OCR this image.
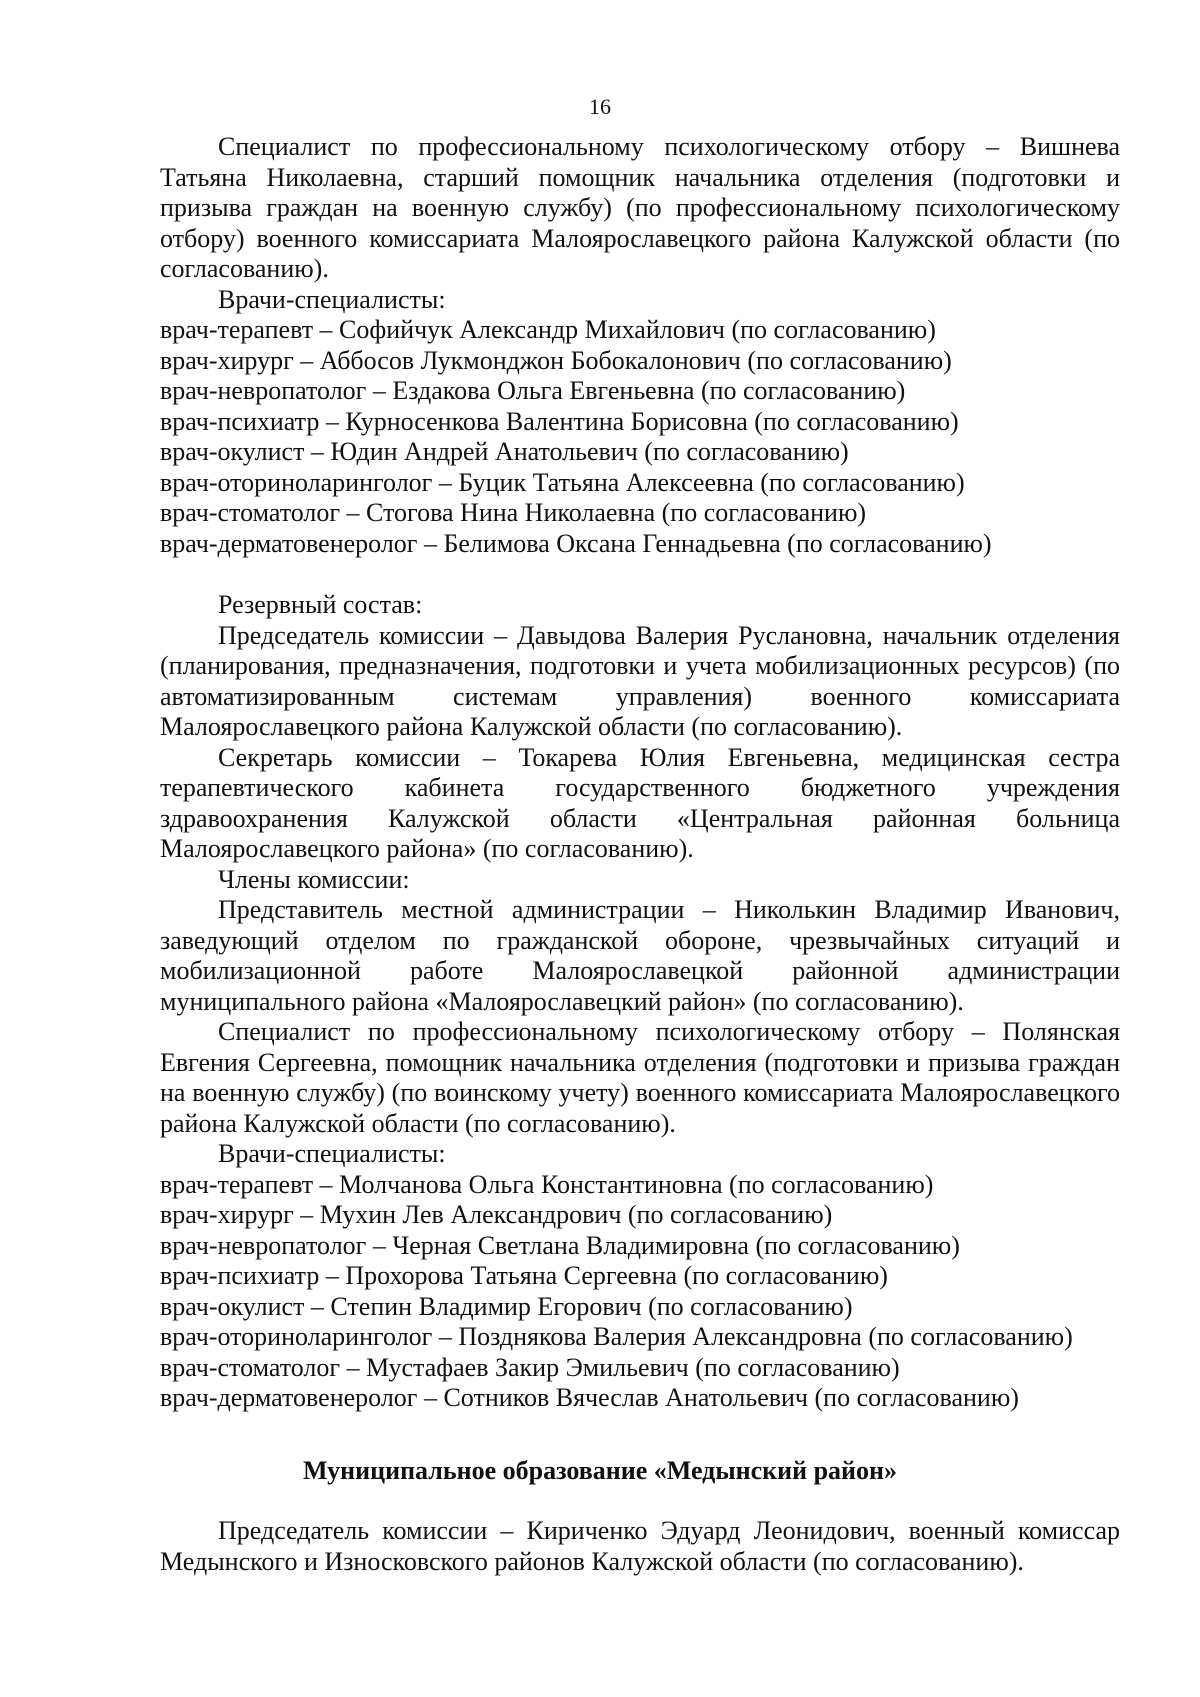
16

Специалист по профессиональному психологическому отбору – Вишнева Татьяна Николаевна, старший помощник начальника отделения (подготовки и призыва граждан на военную службу) (по профессиональному психологическому отбору) военного комиссариата Малоярославецкого района Калужской области (по согласованию).

Врачи-специалисты:

врач-терапевт – Софийчук Александр Михайлович (по согласованию)
врач-хирург – Аббосов Лукмонджон Бобокалонович (по согласованию)
врач-невропатолог – Ездакова Ольга Евгеньевна (по согласованию)
врач-психиатр – Курносенкова Валентина Борисовна (по согласованию)
врач-окулист – Юдин Андрей Анатольевич (по согласованию)
врач-оториноларинголог – Буцик Татьяна Алексеевна (по согласованию)
врач-стоматолог – Стогова Нина Николаевна (по согласованию)
врач-дерматовенеролог – Белимова Оксана Геннадьевна (по согласованию)

Резервный состав:

Председатель комиссии – Давыдова Валерия Руслановна, начальник отделения (планирования, предназначения, подготовки и учета мобилизационных ресурсов) (по автоматизированным системам управления) военного комиссариата Малоярославецкого района Калужской области (по согласованию).

Секретарь комиссии – Токарева Юлия Евгеньевна, медицинская сестра терапевтического кабинета государственного бюджетного учреждения здравоохранения Калужской области «Центральная районная больница Малоярославецкого района» (по согласованию).

Члены комиссии:

Представитель местной администрации – Николькин Владимир Иванович, заведующий отделом по гражданской обороне, чрезвычайных ситуаций и мобилизационной работе Малоярославецкой районной администрации муниципального района «Малоярославецкий район» (по согласованию).

Специалист по профессиональному психологическому отбору – Полянская Евгения Сергеевна, помощник начальника отделения (подготовки и призыва граждан на военную службу) (по воинскому учету) военного комиссариата Малоярославецкого района Калужской области (по согласованию).

Врачи-специалисты:

врач-терапевт – Молчанова Ольга Константиновна (по согласованию)
врач-хирург – Мухин Лев Александрович (по согласованию)
врач-невропатолог – Черная Светлана Владимировна (по согласованию)
врач-психиатр – Прохорова Татьяна Сергеевна (по согласованию)
врач-окулист – Степин Владимир Егорович (по согласованию)
врач-оториноларинголог – Позднякова Валерия Александровна (по согласованию)
врач-стоматолог – Мустафаев Закир Эмильевич (по согласованию)
врач-дерматовенеролог – Сотников Вячеслав Анатольевич (по согласованию)
Муниципальное образование «Медынский район»

Председатель комиссии – Кириченко Эдуард Леонидович, военный комиссар Медынского и Износковского районов Калужской области (по согласованию).
